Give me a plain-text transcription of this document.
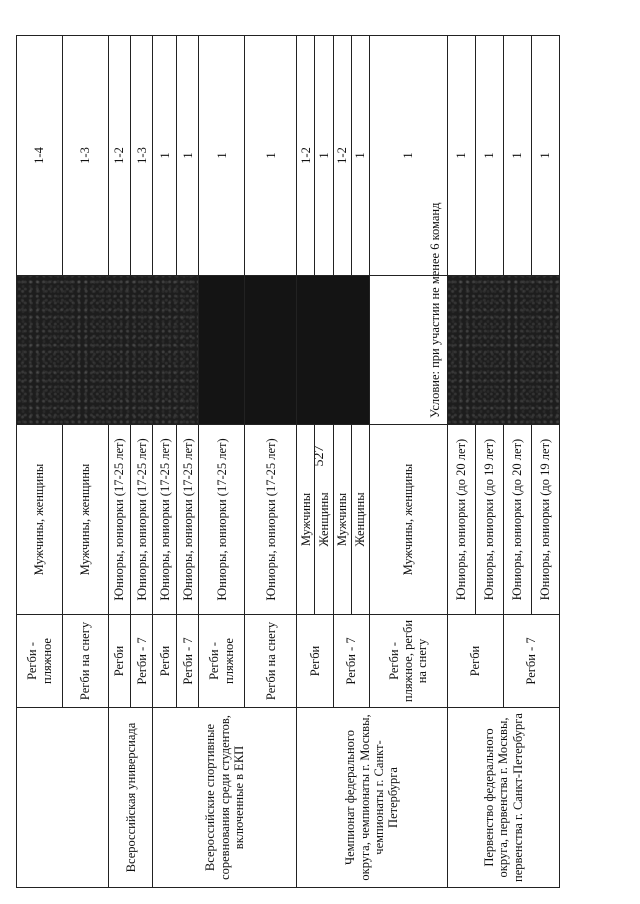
527
	Регби - пляжное	Мужчины, женщины		1-4
	Регби на снегу	Мужчины, женщины		1-3
Всероссийская универсиада	Регби	Юниоры, юниорки (17-25 лет)		1-2
	Регби - 7	Юниоры, юниорки (17-25 лет)		1-3
Всероссийские спортивные соревнования среди студентов, включенные в ЕКП	Регби	Юниоры, юниорки (17-25 лет)		1
	Регби - 7	Юниоры, юниорки (17-25 лет)		1
	Регби - пляжное	Юниоры, юниорки (17-25 лет)		1
	Регби на снегу	Юниоры, юниорки (17-25 лет)		1
Чемпионат федерального округа, чемпионаты г. Москвы, чемпионаты г. Санкт-Петербурга	Регби	Мужчины		1-2
		Женщины		1
	Регби - 7	Мужчины		1-2
		Женщины		1
	Регби - пляжное, регби на снегу	Мужчины, женщины	Условие: при участии не менее 6 команд	1
Первенство федерального округа, первенства г. Москвы, первенства г. Санкт-Петербурга	Регби	Юниоры, юниорки (до 20 лет)		1
		Юниоры, юниорки (до 19 лет)		1
	Регби - 7	Юниоры, юниорки (до 20 лет)		1
		Юниоры, юниорки (до 19 лет)		1
